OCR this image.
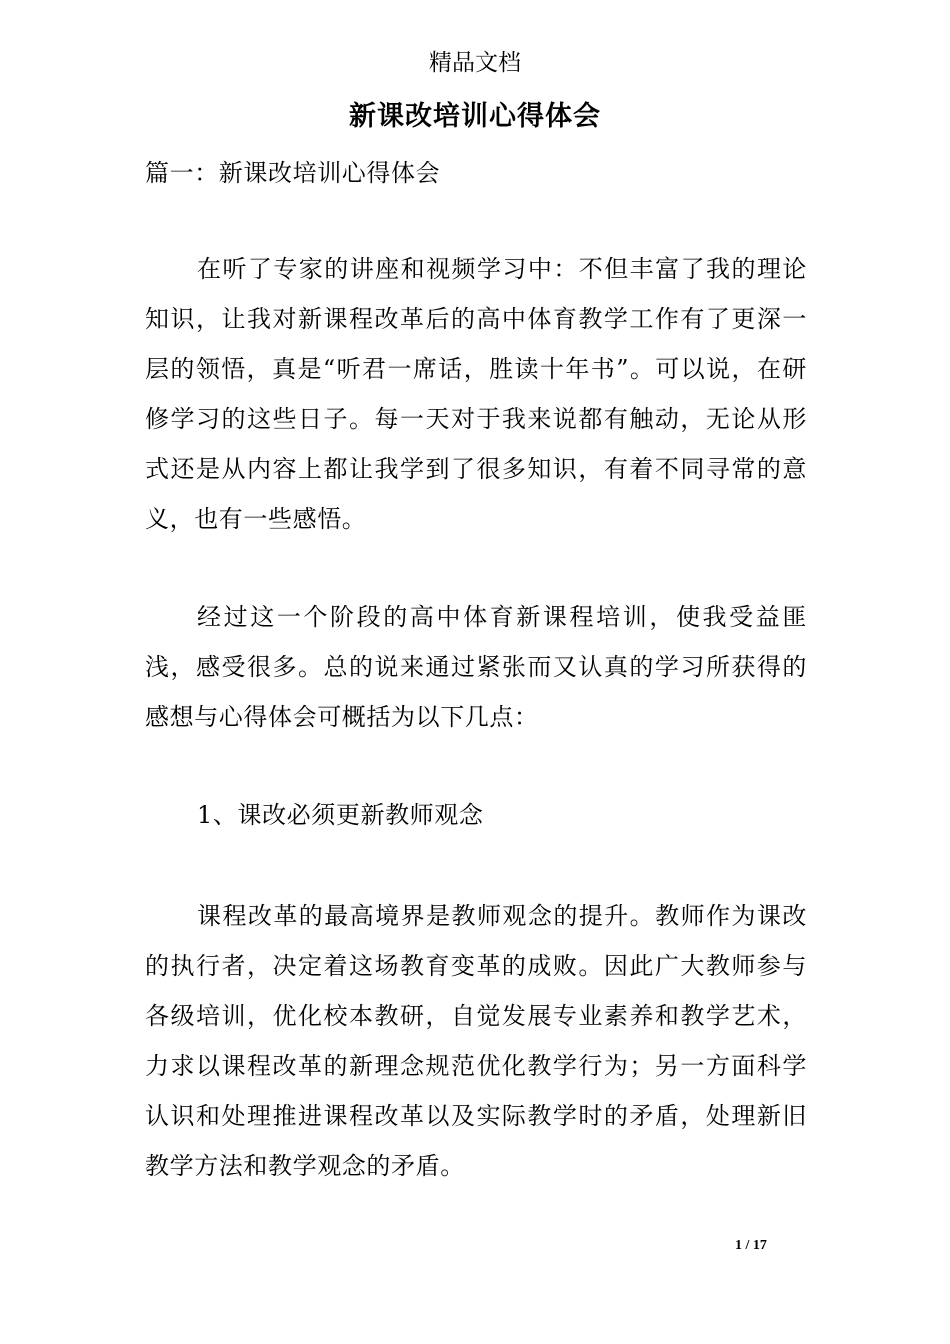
精品文档
新课改培训心得体会
篇一：新课改培训心得体会
在听了专家的讲座和视频学习中：不但丰富了我的理论知识，让我对新课程改革后的高中体育教学工作有了更深一层的领悟，真是“听君一席话，胜读十年书”。可以说，在研修学习的这些日子。每一天对于我来说都有触动，无论从形式还是从内容上都让我学到了很多知识，有着不同寻常的意义，也有一些感悟。
经过这一个阶段的高中体育新课程培训，使我受益匪浅，感受很多。总的说来通过紧张而又认真的学习所获得的感想与心得体会可概括为以下几点：
1、课改必须更新教师观念
课程改革的最高境界是教师观念的提升。教师作为课改的执行者，决定着这场教育变革的成败。因此广大教师参与各级培训，优化校本教研，自觉发展专业素养和教学艺术，力求以课程改革的新理念规范优化教学行为；另一方面科学认识和处理推进课程改革以及实际教学时的矛盾，处理新旧教学方法和教学观念的矛盾。
1 / 17
